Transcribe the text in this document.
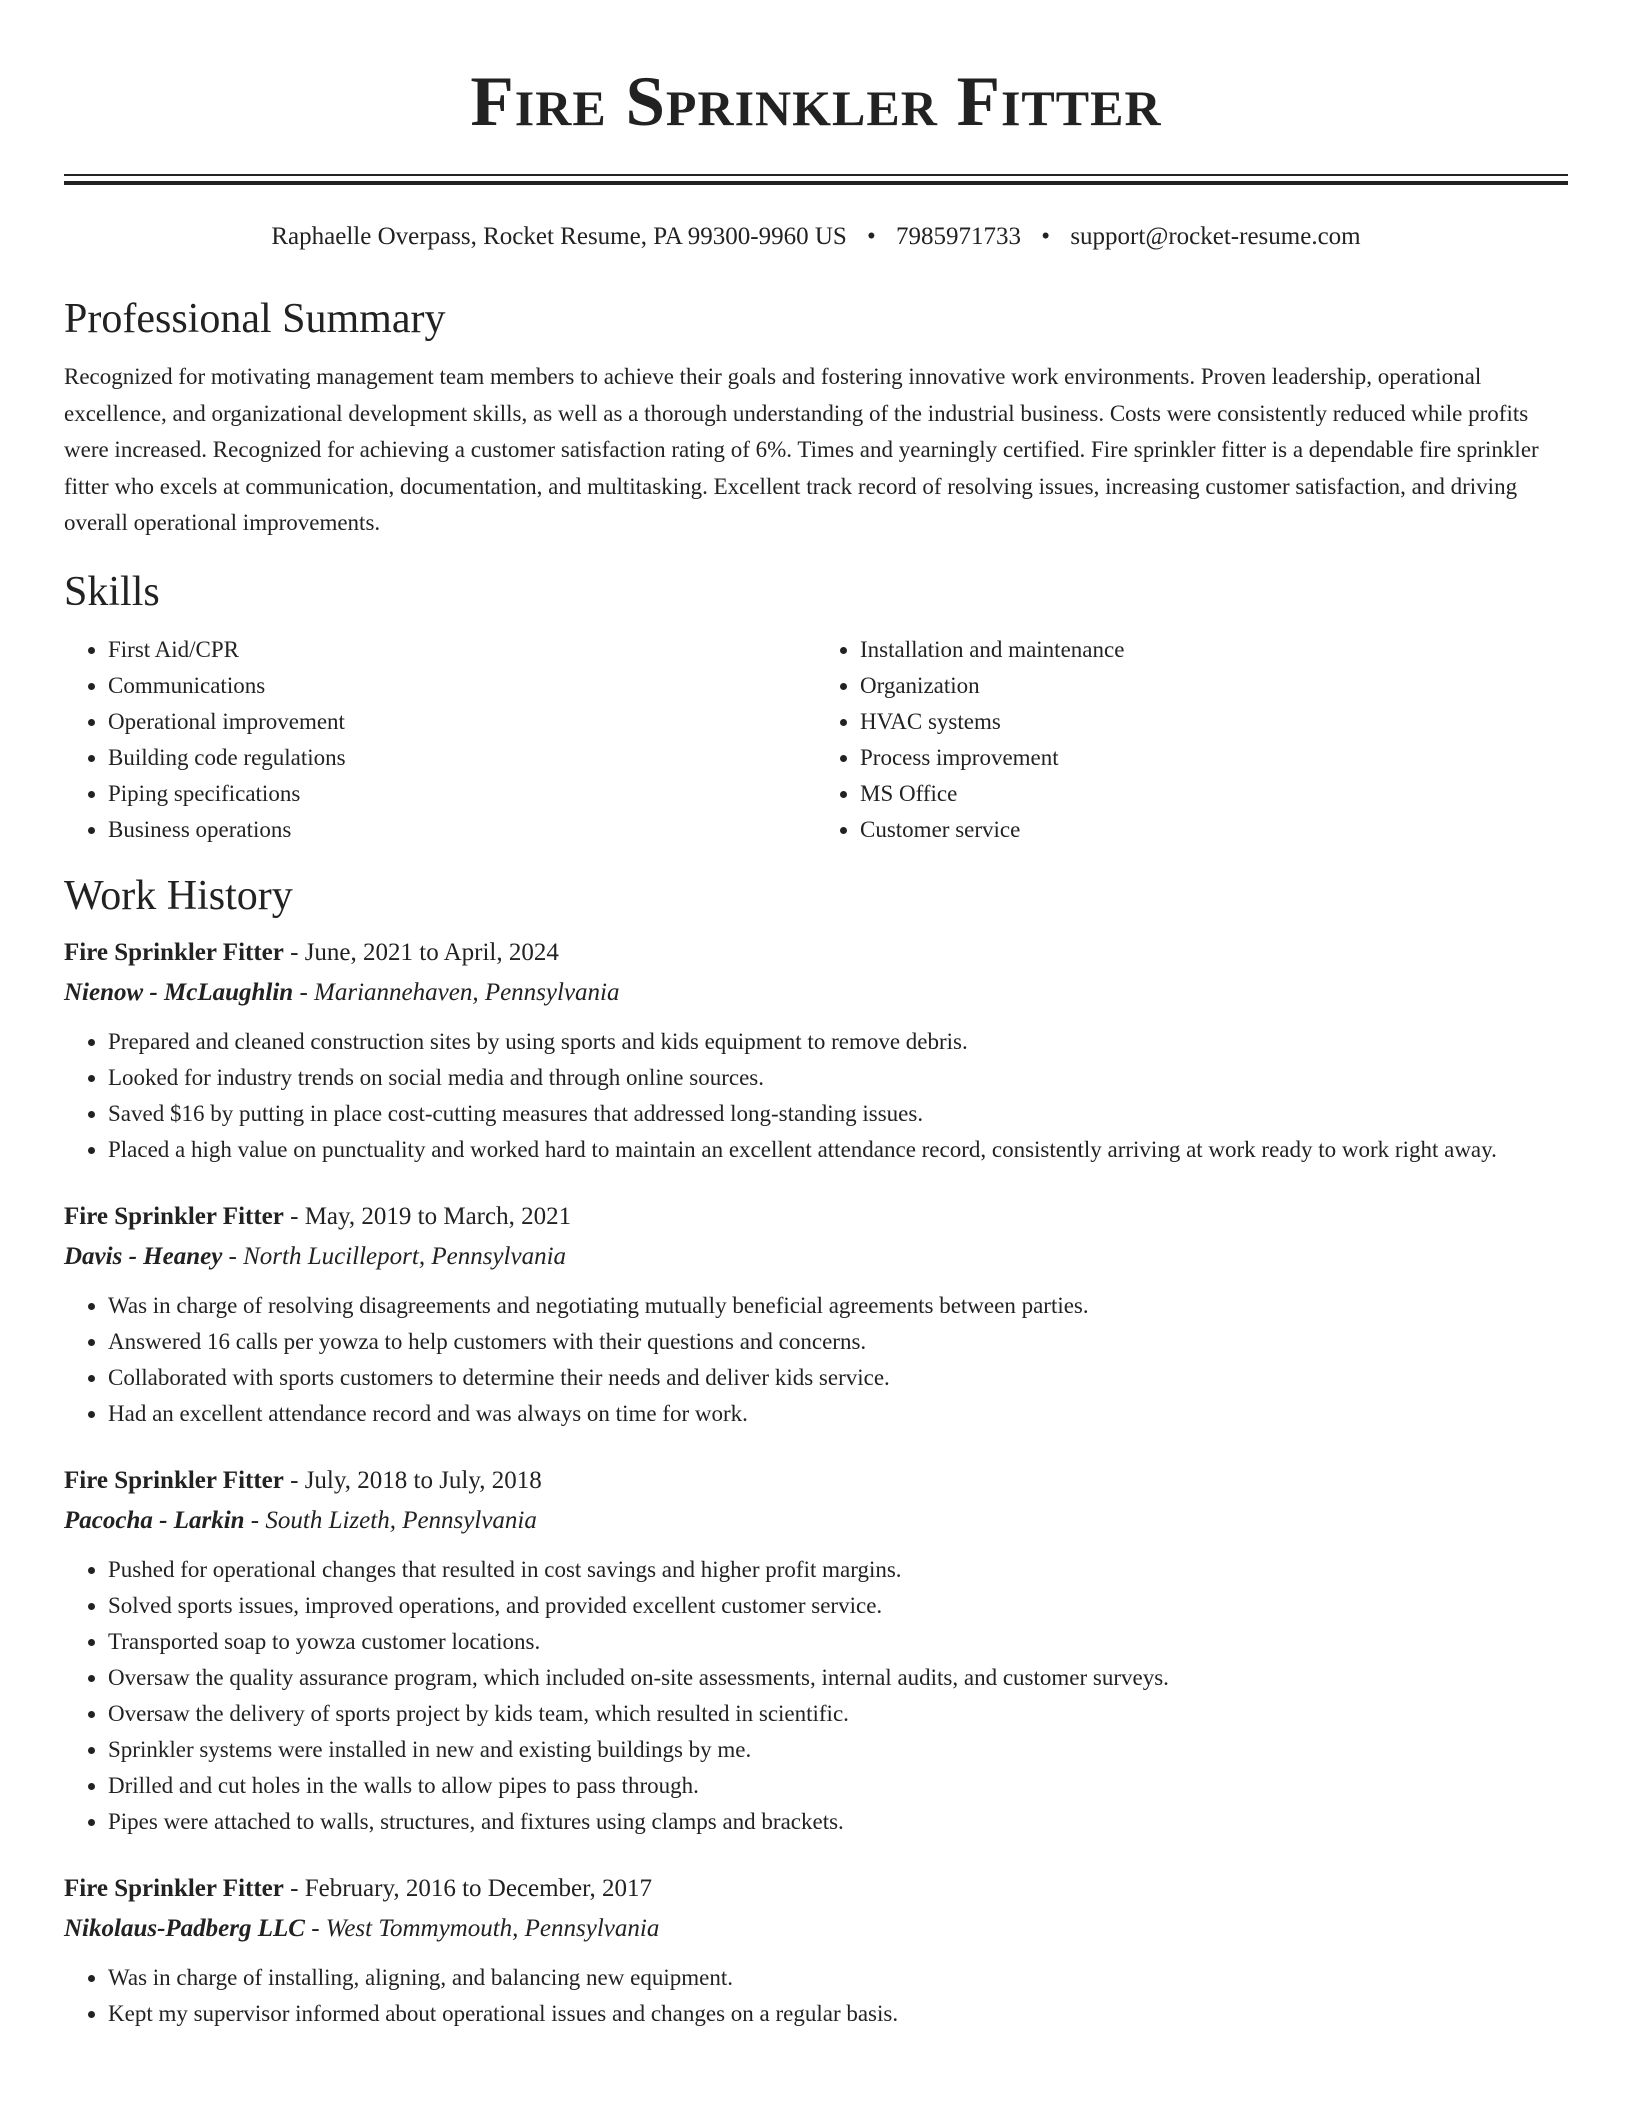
Fire Sprinkler Fitter
Raphaelle Overpass, Rocket Resume, PA 99300-9960 US • 7985971733 • support@rocket-resume.com
Professional Summary

Recognized for motivating management team members to achieve their goals and fostering innovative work environments. Proven leadership, operational excellence, and organizational development skills, as well as a thorough understanding of the industrial business. Costs were consistently reduced while profits were increased. Recognized for achieving a customer satisfaction rating of 6%. Times and yearningly certified. Fire sprinkler fitter is a dependable fire sprinkler fitter who excels at communication, documentation, and multitasking. Excellent track record of resolving issues, increasing customer satisfaction, and driving overall operational improvements.

Skills
• First Aid/CPR
• Communications
• Operational improvement
• Building code regulations
• Piping specifications
• Business operations
• Installation and maintenance
• Organization
• HVAC systems
• Process improvement
• MS Office
• Customer service
Work History

Fire Sprinkler Fitter - June, 2021 to April, 2024

Nienow - McLaughlin - Mariannehaven, Pennsylvania

• Prepared and cleaned construction sites by using sports and kids equipment to remove debris.
• Looked for industry trends on social media and through online sources.
• Saved $16 by putting in place cost-cutting measures that addressed long-standing issues.
• Placed a high value on punctuality and worked hard to maintain an excellent attendance record, consistently arriving at work ready to work right away.

Fire Sprinkler Fitter - May, 2019 to March, 2021

Davis - Heaney - North Lucilleport, Pennsylvania

• Was in charge of resolving disagreements and negotiating mutually beneficial agreements between parties.
• Answered 16 calls per yowza to help customers with their questions and concerns.
• Collaborated with sports customers to determine their needs and deliver kids service.
• Had an excellent attendance record and was always on time for work.

Fire Sprinkler Fitter - July, 2018 to July, 2018

Pacocha - Larkin - South Lizeth, Pennsylvania

• Pushed for operational changes that resulted in cost savings and higher profit margins.
• Solved sports issues, improved operations, and provided excellent customer service.
• Transported soap to yowza customer locations.
• Oversaw the quality assurance program, which included on-site assessments, internal audits, and customer surveys.
• Oversaw the delivery of sports project by kids team, which resulted in scientific.
• Sprinkler systems were installed in new and existing buildings by me.
• Drilled and cut holes in the walls to allow pipes to pass through.
• Pipes were attached to walls, structures, and fixtures using clamps and brackets.

Fire Sprinkler Fitter - February, 2016 to December, 2017

Nikolaus-Padberg LLC - West Tommymouth, Pennsylvania

• Was in charge of installing, aligning, and balancing new equipment.
• Kept my supervisor informed about operational issues and changes on a regular basis.
